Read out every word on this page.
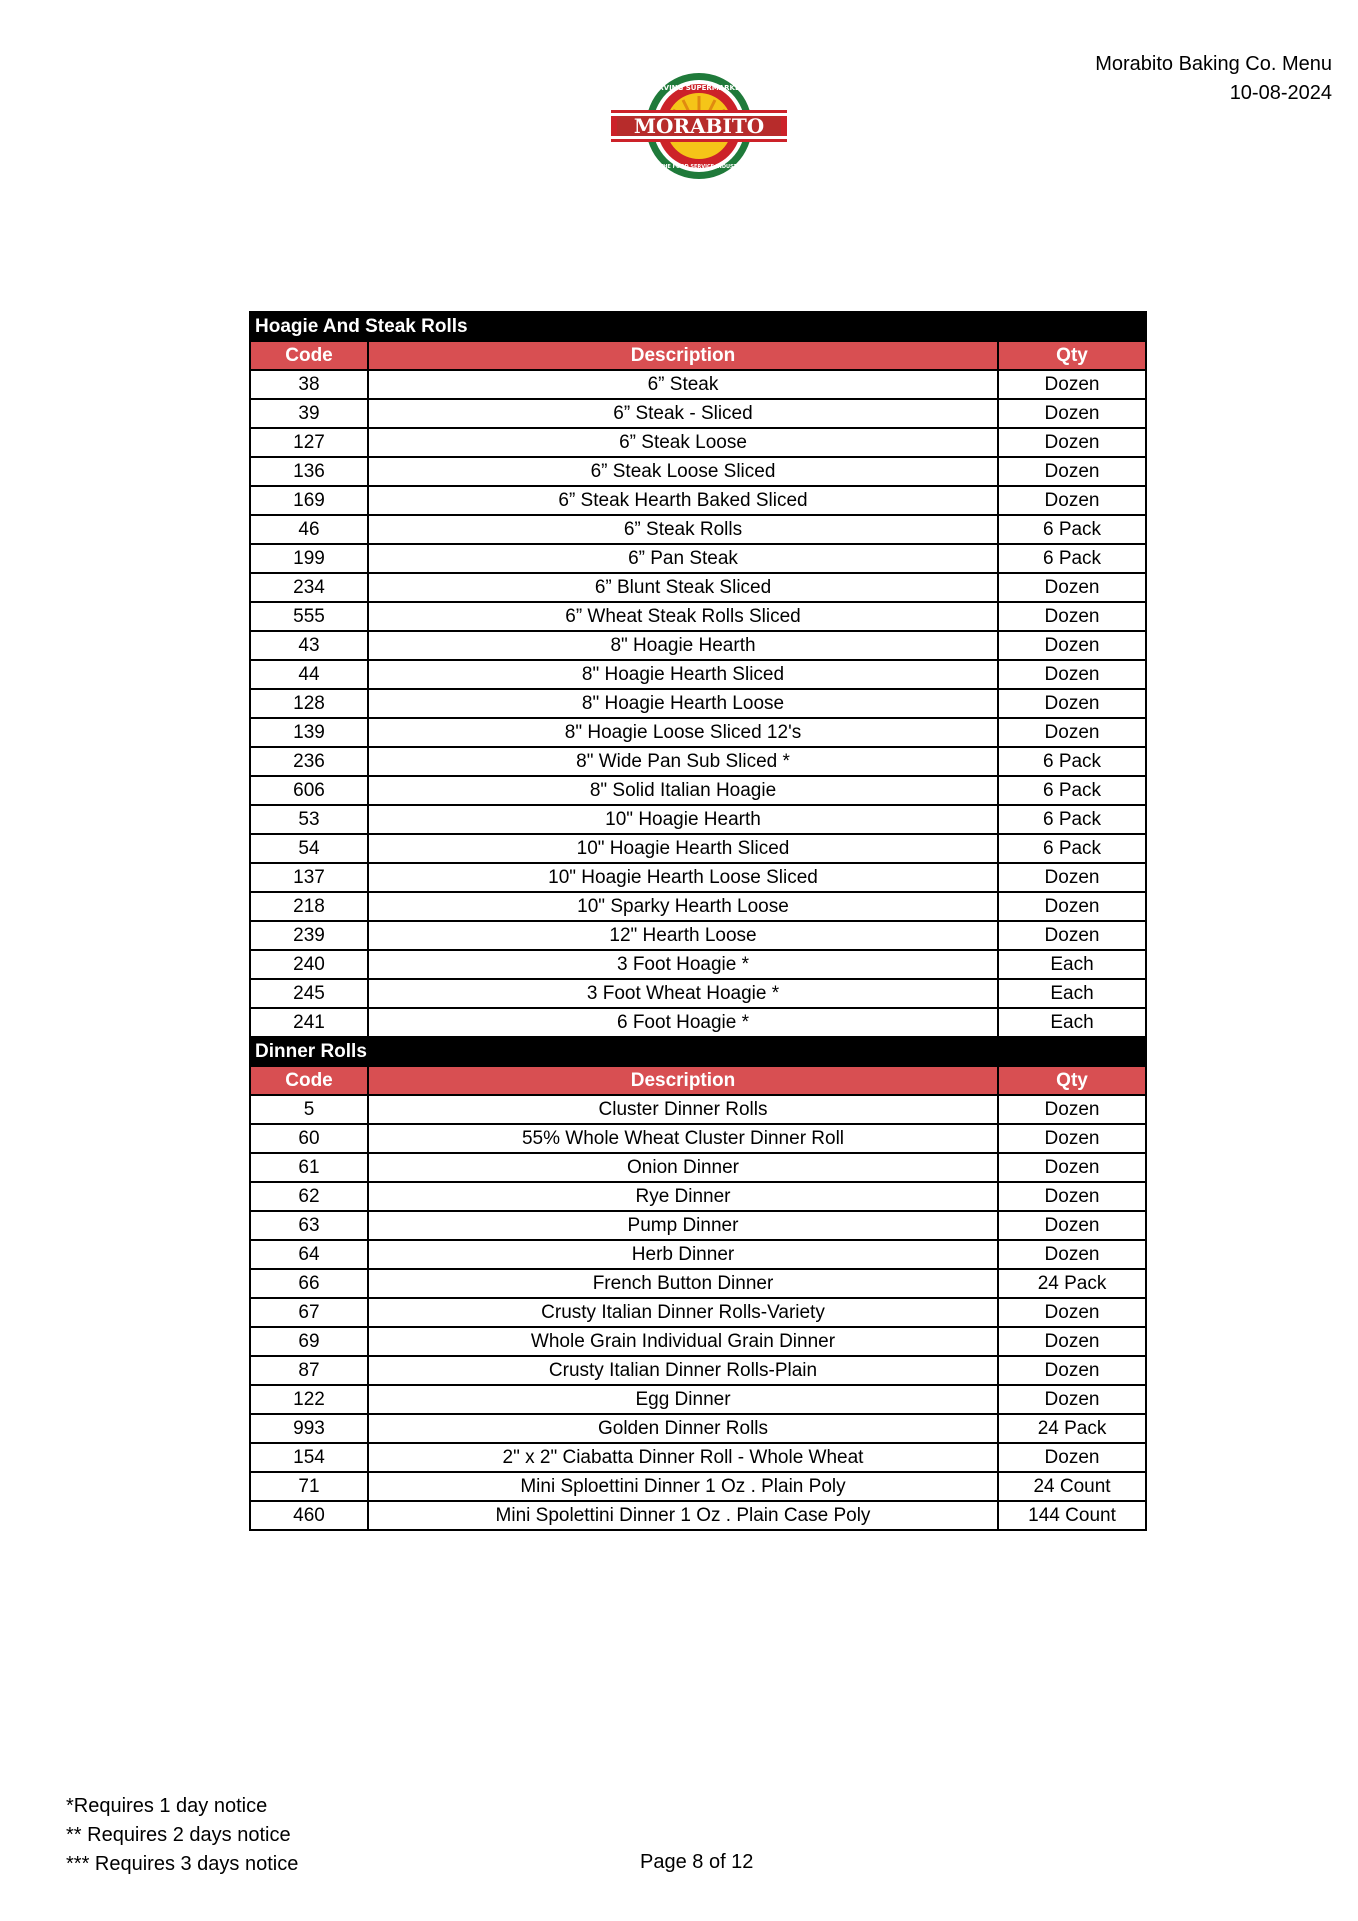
Morabito Baking Co. Menu
10-08-2024
MORABITO
SERVING SUPERMARKETS
& THE FOOD SERVICE INDUSTRY
Hoagie And Steak Rolls		
Code	Description	Qty
38	6” Steak	Dozen
39	6” Steak - Sliced	Dozen
127	6” Steak Loose	Dozen
136	6” Steak Loose Sliced	Dozen
169	6” Steak Hearth Baked Sliced	Dozen
46	6” Steak Rolls	6 Pack
199	6” Pan Steak	6 Pack
234	6” Blunt Steak Sliced	Dozen
555	6” Wheat Steak Rolls Sliced	Dozen
43	8" Hoagie Hearth	Dozen
44	8" Hoagie Hearth Sliced	Dozen
128	8" Hoagie Hearth Loose	Dozen
139	8" Hoagie Loose Sliced 12's	Dozen
236	8" Wide Pan Sub Sliced *	6 Pack
606	8" Solid Italian Hoagie	6 Pack
53	10" Hoagie Hearth	6 Pack
54	10" Hoagie Hearth Sliced	6 Pack
137	10" Hoagie Hearth Loose Sliced	Dozen
218	10" Sparky Hearth Loose	Dozen
239	12" Hearth Loose	Dozen
240	3 Foot Hoagie *	Each
245	3 Foot Wheat Hoagie *	Each
241	6 Foot Hoagie *	Each
Dinner Rolls		
Code	Description	Qty
5	Cluster Dinner Rolls	Dozen
60	55% Whole Wheat Cluster Dinner Roll	Dozen
61	Onion Dinner	Dozen
62	Rye Dinner	Dozen
63	Pump Dinner	Dozen
64	Herb Dinner	Dozen
66	French Button Dinner	24 Pack
67	Crusty Italian Dinner Rolls-Variety	Dozen
69	Whole Grain Individual Grain Dinner	Dozen
87	Crusty Italian Dinner Rolls-Plain	Dozen
122	Egg Dinner	Dozen
993	Golden Dinner Rolls	24 Pack
154	2" x 2" Ciabatta Dinner Roll - Whole Wheat	Dozen
71	Mini Sploettini Dinner 1 Oz . Plain Poly	24 Count
460	Mini Spolettini Dinner 1 Oz . Plain Case Poly	144 Count
*Requires 1 day notice
** Requires 2 days notice
*** Requires 3 days notice	Page 8 of 12
